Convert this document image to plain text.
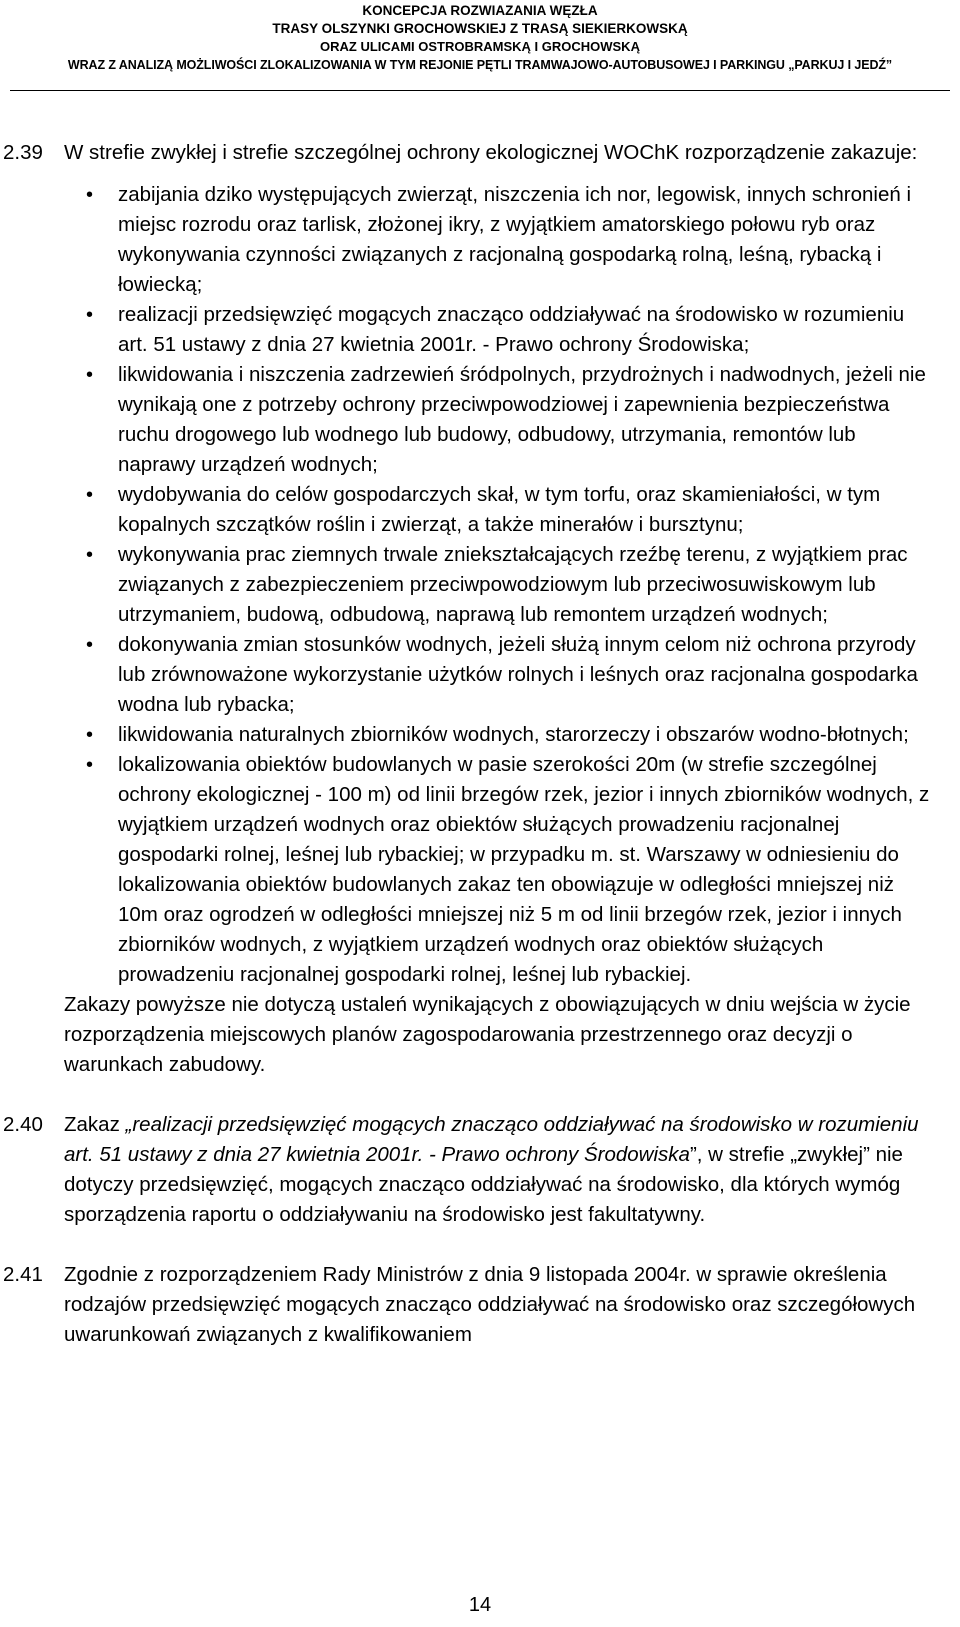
KONCEPCJA ROZWIAZANIA WĘZŁA
TRASY OLSZYNKI GROCHOWSKIEJ Z TRASĄ SIEKIERKOWSKĄ
ORAZ ULICAMI OSTROBRAMSKĄ I GROCHOWSKĄ
WRAZ Z ANALIZĄ MOŻLIWOŚCI ZLOKALIZOWANIA W TYM REJONIE PĘTLI TRAMWAJOWO-AUTOBUSOWEJ I PARKINGU „PARKUJ I JEDŹ”
2.39 W strefie zwykłej i strefie szczególnej ochrony ekologicznej WOChK rozporządzenie zakazuje:
• zabijania dziko występujących zwierząt, niszczenia ich nor, legowisk, innych schronień i miejsc rozrodu oraz tarlisk, złożonej ikry, z wyjątkiem amatorskiego połowu ryb oraz wykonywania czynności związanych z racjonalną gospodarką rolną, leśną, rybacką i łowiecką;
• realizacji przedsięwzięć mogących znacząco oddziaływać na środowisko w rozumieniu art. 51 ustawy z dnia 27 kwietnia 2001r. - Prawo ochrony Środowiska;
• likwidowania i niszczenia zadrzewień śródpolnych, przydrożnych i nadwodnych, jeżeli nie wynikają one z potrzeby ochrony przeciwpowodziowej i zapewnienia bezpieczeństwa ruchu drogowego lub wodnego lub budowy, odbudowy, utrzymania, remontów lub naprawy urządzeń wodnych;
• wydobywania do celów gospodarczych skał, w tym torfu, oraz skamieniałości, w tym kopalnych szczątków roślin i zwierząt, a także minerałów i bursztynu;
• wykonywania prac ziemnych trwale zniekształcających rzeźbę terenu, z wyjątkiem prac związanych z zabezpieczeniem przeciwpowodziowym lub przeciwosuwiskowym lub utrzymaniem, budową, odbudową, naprawą lub remontem urządzeń wodnych;
• dokonywania zmian stosunków wodnych, jeżeli służą innym celom niż ochrona przyrody lub zrównoważone wykorzystanie użytków rolnych i leśnych oraz racjonalna gospodarka wodna lub rybacka;
• likwidowania naturalnych zbiorników wodnych, starorzeczy i obszarów wodno-błotnych;
• lokalizowania obiektów budowlanych w pasie szerokości 20m (w strefie szczególnej ochrony ekologicznej - 100 m) od linii brzegów rzek, jezior i innych zbiorników wodnych, z wyjątkiem urządzeń wodnych oraz obiektów służących prowadzeniu racjonalnej gospodarki rolnej, leśnej lub rybackiej; w przypadku m. st. Warszawy w odniesieniu do lokalizowania obiektów budowlanych zakaz ten obowiązuje w odległości mniejszej niż 10m oraz ogrodzeń w odległości mniejszej niż 5 m od linii brzegów rzek, jezior i innych zbiorników wodnych, z wyjątkiem urządzeń wodnych oraz obiektów służących prowadzeniu racjonalnej gospodarki rolnej, leśnej lub rybackiej.
Zakazy powyższe nie dotyczą ustaleń wynikających z obowiązujących w dniu wejścia w życie rozporządzenia miejscowych planów zagospodarowania przestrzennego oraz decyzji o warunkach zabudowy.
2.40 Zakaz „realizacji przedsięwzięć mogących znacząco oddziaływać na środowisko w rozumieniu art. 51 ustawy z dnia 27 kwietnia 2001r. - Prawo ochrony Środowiska”, w strefie „zwykłej” nie dotyczy przedsięwzięć, mogących znacząco oddziaływać na środowisko, dla których wymóg sporządzenia raportu o oddziaływaniu na środowisko jest fakultatywny.
2.41 Zgodnie z rozporządzeniem Rady Ministrów z dnia 9 listopada 2004r. w sprawie określenia rodzajów przedsięwzięć mogących znacząco oddziaływać na środowisko oraz szczegółowych uwarunkowań związanych z kwalifikowaniem
14
